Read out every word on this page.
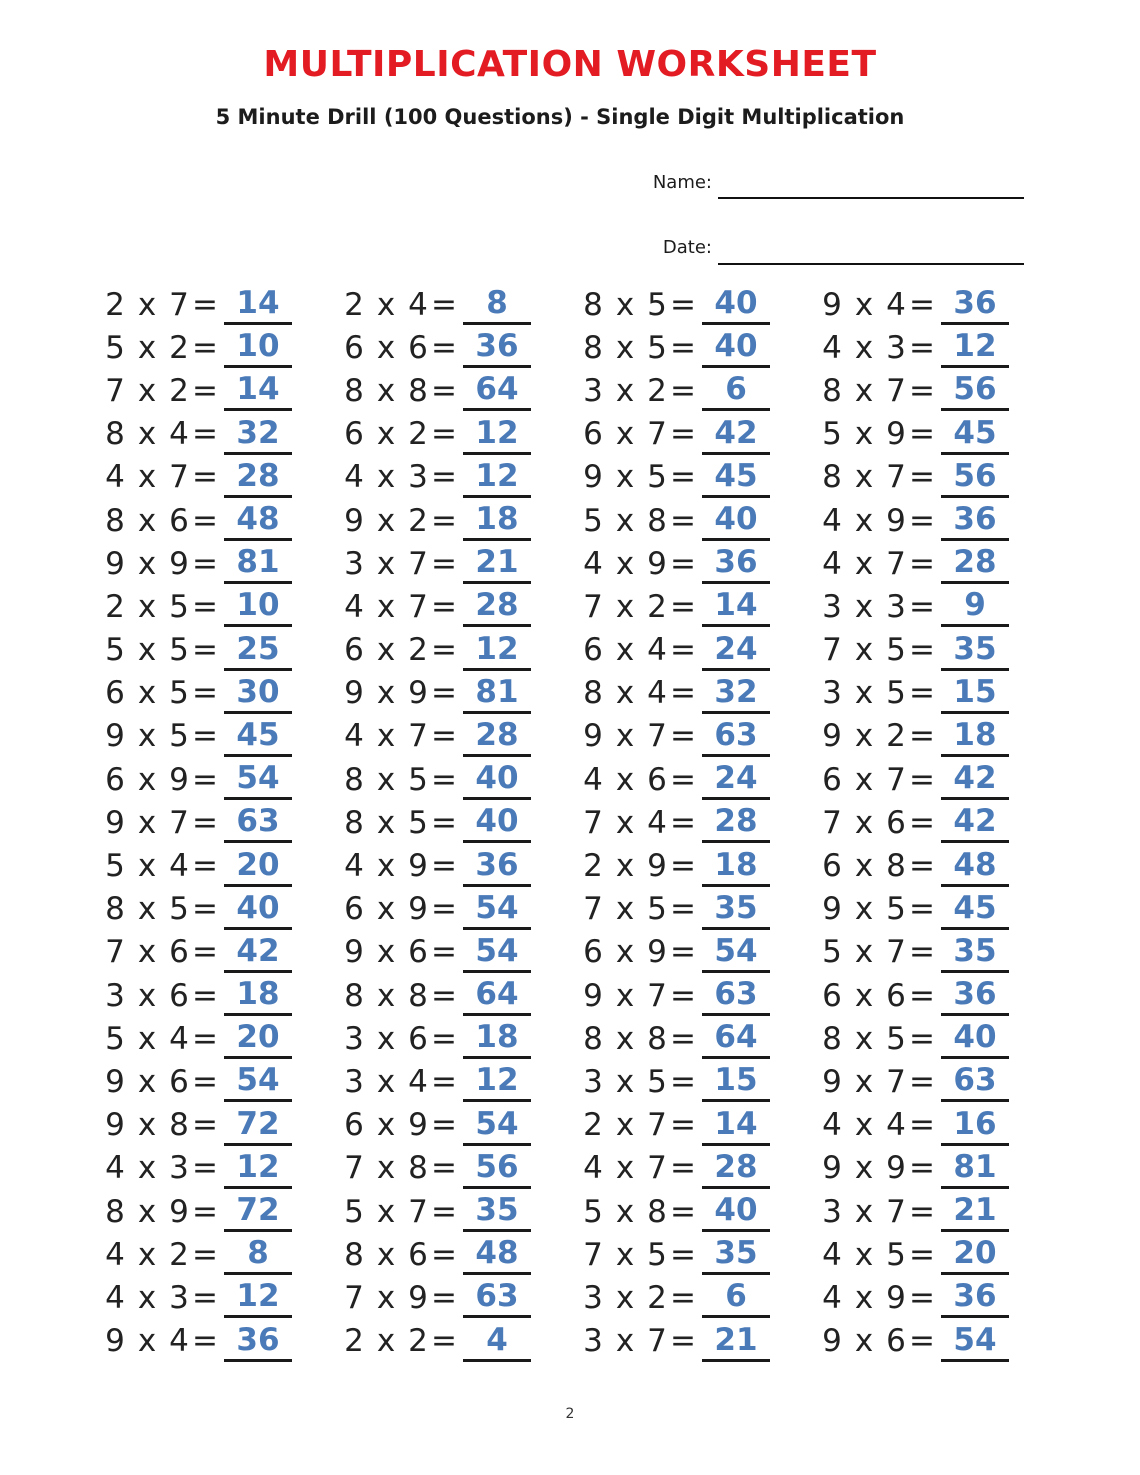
MULTIPLICATION WORKSHEET
5 Minute Drill (100 Questions) - Single Digit Multiplication
Name:
Date:
2 x 7 = 14
5 x 2 = 10
7 x 2 = 14
8 x 4 = 32
4 x 7 = 28
8 x 6 = 48
9 x 9 = 81
2 x 5 = 10
5 x 5 = 25
6 x 5 = 30
9 x 5 = 45
6 x 9 = 54
9 x 7 = 63
5 x 4 = 20
8 x 5 = 40
7 x 6 = 42
3 x 6 = 18
5 x 4 = 20
9 x 6 = 54
9 x 8 = 72
4 x 3 = 12
8 x 9 = 72
4 x 2 = 8
4 x 3 = 12
9 x 4 = 36
2 x 4 = 8
6 x 6 = 36
8 x 8 = 64
6 x 2 = 12
4 x 3 = 12
9 x 2 = 18
3 x 7 = 21
4 x 7 = 28
6 x 2 = 12
9 x 9 = 81
4 x 7 = 28
8 x 5 = 40
8 x 5 = 40
4 x 9 = 36
6 x 9 = 54
9 x 6 = 54
8 x 8 = 64
3 x 6 = 18
3 x 4 = 12
6 x 9 = 54
7 x 8 = 56
5 x 7 = 35
8 x 6 = 48
7 x 9 = 63
2 x 2 = 4
8 x 5 = 40
8 x 5 = 40
3 x 2 = 6
6 x 7 = 42
9 x 5 = 45
5 x 8 = 40
4 x 9 = 36
7 x 2 = 14
6 x 4 = 24
8 x 4 = 32
9 x 7 = 63
4 x 6 = 24
7 x 4 = 28
2 x 9 = 18
7 x 5 = 35
6 x 9 = 54
9 x 7 = 63
8 x 8 = 64
3 x 5 = 15
2 x 7 = 14
4 x 7 = 28
5 x 8 = 40
7 x 5 = 35
3 x 2 = 6
3 x 7 = 21
9 x 4 = 36
4 x 3 = 12
8 x 7 = 56
5 x 9 = 45
8 x 7 = 56
4 x 9 = 36
4 x 7 = 28
3 x 3 = 9
7 x 5 = 35
3 x 5 = 15
9 x 2 = 18
6 x 7 = 42
7 x 6 = 42
6 x 8 = 48
9 x 5 = 45
5 x 7 = 35
6 x 6 = 36
8 x 5 = 40
9 x 7 = 63
4 x 4 = 16
9 x 9 = 81
3 x 7 = 21
4 x 5 = 20
4 x 9 = 36
9 x 6 = 54
2
